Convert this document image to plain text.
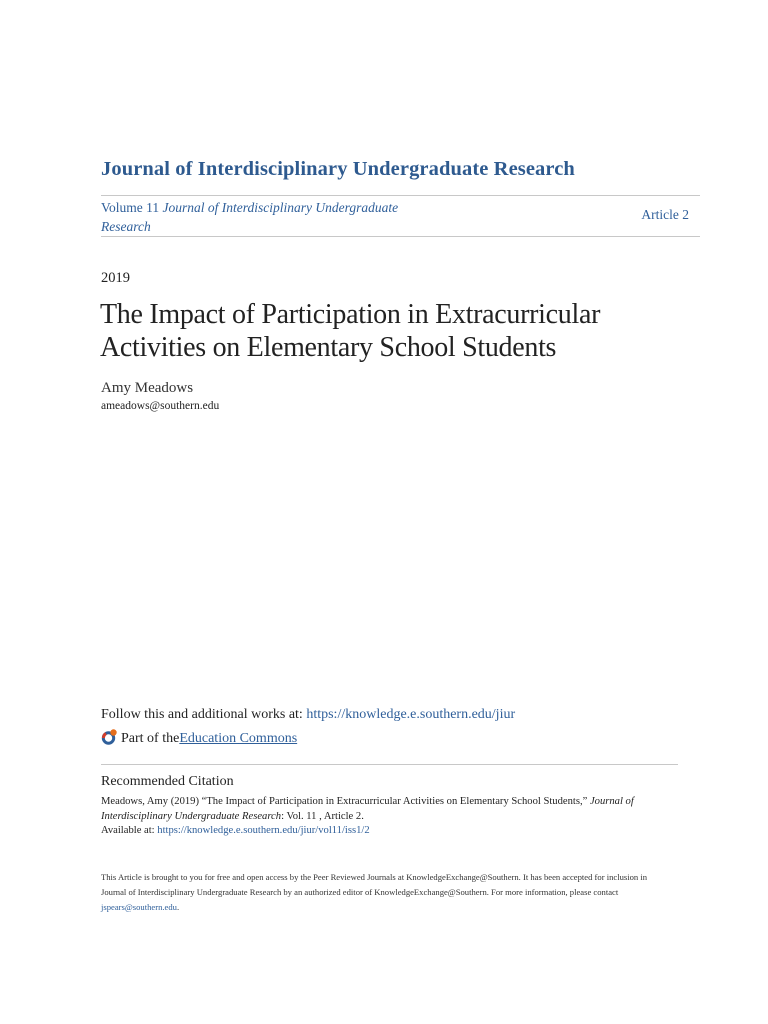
Journal of Interdisciplinary Undergraduate Research
Volume 11 Journal of Interdisciplinary Undergraduate Research
Article 2
2019
The Impact of Participation in Extracurricular
Activities on Elementary School Students
Amy Meadows
ameadows@southern.edu
Follow this and additional works at: https://knowledge.e.southern.edu/jiur
Part of the Education Commons
Recommended Citation
Meadows, Amy (2019) “The Impact of Participation in Extracurricular Activities on Elementary School Students,” Journal of Interdisciplinary Undergraduate Research: Vol. 11 , Article 2.
Available at: https://knowledge.e.southern.edu/jiur/vol11/iss1/2
This Article is brought to you for free and open access by the Peer Reviewed Journals at KnowledgeExchange@Southern. It has been accepted for inclusion in Journal of Interdisciplinary Undergraduate Research by an authorized editor of KnowledgeExchange@Southern. For more information, please contact jspears@southern.edu.
